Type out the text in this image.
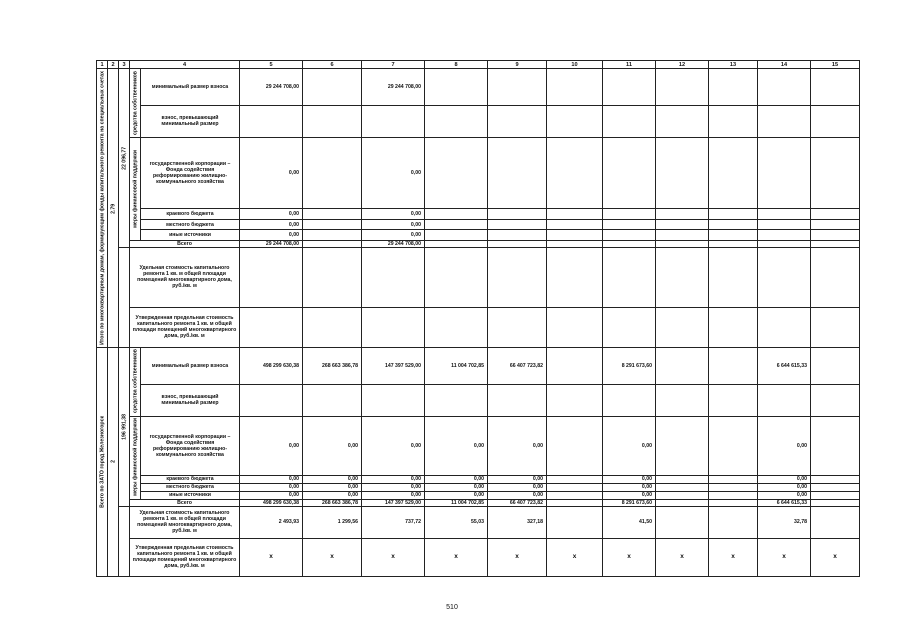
1	2	3	4		5	6	7	8	9	10	11	12	13	14	15
Итого по многоквартирным домам, формирующим фонды капитального ремонта на специальных счетах	2.79	22 096,77	средства собственников	минимальный размер взноса	29 244 708,00		29 244 708,00								
				взнос, превышающий минимальный размер											
			меры финансовой поддержки	государственной корпорации – Фонда содействия реформированию жилищно-коммунального хозяйства	0,00		0,00								
				краевого бюджета	0,00		0,00								
				местного бюджета	0,00		0,00								
				иные источники	0,00		0,00								
			Всего		29 244 708,00		29 244 708,00								
			Удельная стоимость капитального ремонта 1 кв. м общей площади помещений многоквартирного дома, руб./кв. м												
			Утвержденная предельная стоимость капитального ремонта 1 кв. м общей площади помещений многоквартирного дома, руб./кв. м												
Всего по ЗАТО город Железногорск	2	196 991,38	средства собственников	минимальный размер взноса	498 299 630,38	268 663 386,78	147 397 529,00	11 004 702,85	66 407 723,82		8 291 673,60			6 644 615,33	
				взнос, превышающий минимальный размер											
			меры финансовой поддержки	государственной корпорации – Фонда содействия реформированию жилищно-коммунального хозяйства	0,00	0,00	0,00	0,00	0,00		0,00			0,00	
				краевого бюджета	0,00	0,00	0,00	0,00	0,00		0,00			0,00	
				местного бюджета	0,00	0,00	0,00	0,00	0,00		0,00			0,00	
				иные источники	0,00	0,00	0,00	0,00	0,00		0,00			0,00	
			Всего		498 299 630,38	268 663 386,78	147 397 529,00	11 004 702,85	66 407 723,82		8 291 673,60			6 644 615,33	
			Удельная стоимость капитального ремонта 1 кв. м общей площади помещений многоквартирного дома, руб./кв. м		2 493,93	1 299,56	737,72	55,03	327,18		41,50			32,78	
			Утвержденная предельная стоимость капитального ремонта 1 кв. м общей площади помещений многоквартирного дома, руб./кв. м		x	x	x	x	x	x	x	x	x	x	x
510
